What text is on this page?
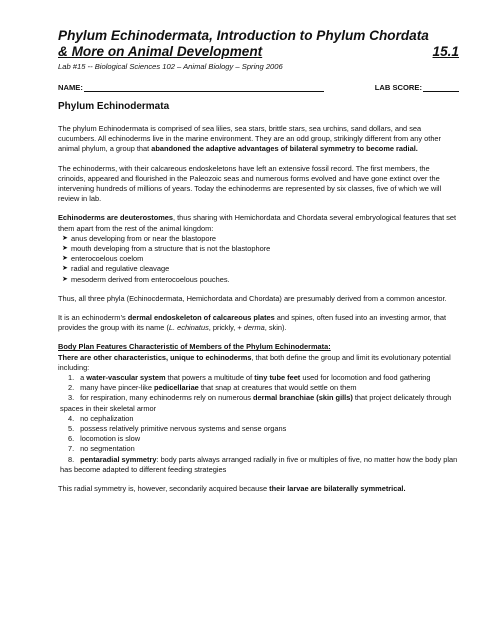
Phylum Echinodermata, Introduction to Phylum Chordata
& More on Animal Development	15.1
Lab #15 -- Biological Sciences 102 – Animal Biology – Spring 2006
NAME:	LAB SCORE:
Phylum Echinodermata

The phylum Echinodermata is comprised of sea lilies, sea stars, brittle stars, sea urchins, sand dollars, and sea cucumbers. All echinoderms live in the marine environment. They are an odd group, strikingly different from any other animal phylum, a group that abandoned the adaptive advantages of bilateral symmetry to become radial.

The echinoderms, with their calcareous endoskeletons have left an extensive fossil record. The first members, the crinoids, appeared and flourished in the Paleozoic seas and numerous forms evolved and have gone extinct over the intervening hundreds of millions of years. Today the echinoderms are represented by six classes, five of which we will review in lab.

Echinoderms are deuterostomes, thus sharing with Hemichordata and Chordata several embryological features that set them apart from the rest of the animal kingdom:

➤ anus developing from or near the blastopore
➤ mouth developing from a structure that is not the blastophore
➤ enterocoelous coelom
➤ radial and regulative cleavage
➤ mesoderm derived from enterocoelous pouches.

Thus, all three phyla (Echinocdermata, Hemichordata and Chordata) are presumably derived from a common ancestor.

It is an echinoderm’s dermal endoskeleton of calcareous plates and spines, often fused into an investing armor, that provides the group with its name (L. echinatus, prickly, + derma, skin).

Body Plan Features Characteristic of Members of the Phylum Echinodermata:

There are other characteristics, unique to echinoderms, that both define the group and limit its evolutionary potential including:

1. a water-vascular system that powers a multitude of tiny tube feet used for locomotion and food gathering
2. many have pincer-like pedicellariae that snap at creatures that would settle on them
3. for respiration, many echinoderms rely on numerous dermal branchiae (skin gills) that project delicately through spaces in their skeletal armor
4. no cephalization
5. possess relatively primitive nervous systems and sense organs
6. locomotion is slow
7. no segmentation
8. pentaradial symmetry: body parts always arranged radially in five or multiples of five, no matter how the body plan has become adapted to different feeding strategies

This radial symmetry is, however, secondarily acquired because their larvae are bilaterally symmetrical.
